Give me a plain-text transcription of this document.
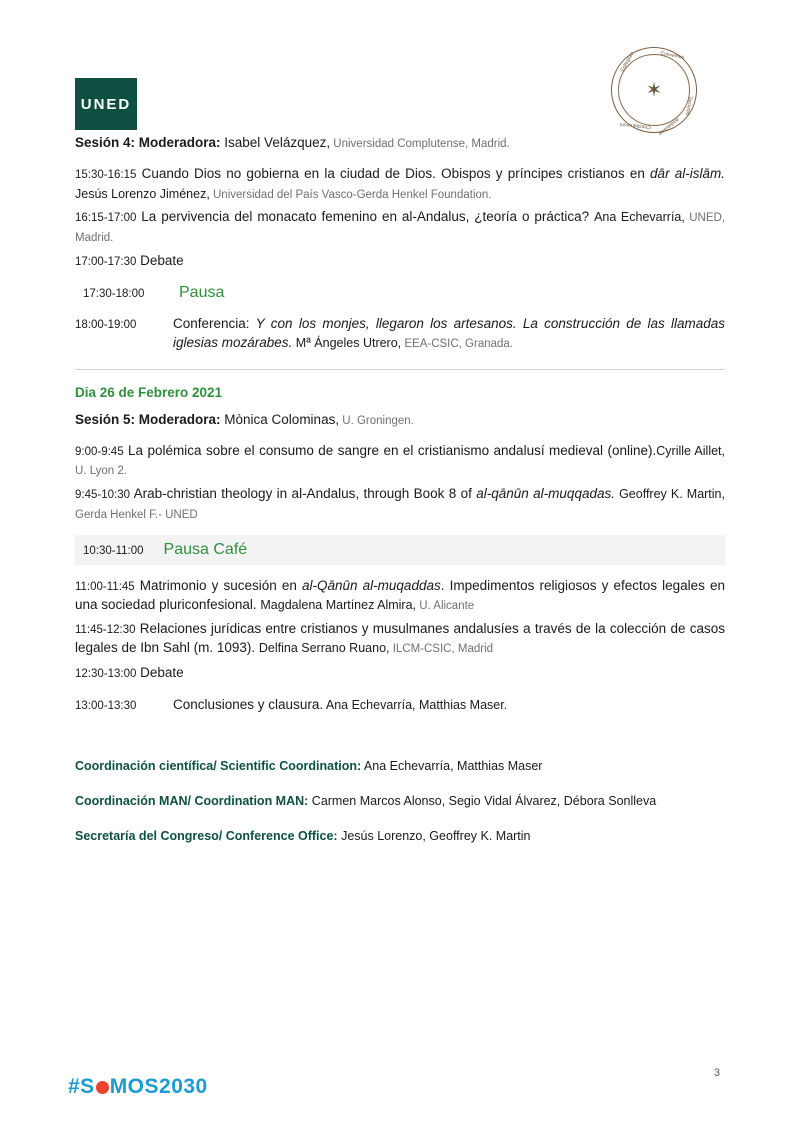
UNED
✶
Collegium	Conventus
Andalusiae
Christianorum
Societas

Sesión 4: Moderadora: Isabel Velázquez, Universidad Complutense, Madrid.

15:30-16:15 Cuando Dios no gobierna en la ciudad de Dios. Obispos y príncipes cristianos en dār al-islām. Jesús Lorenzo Jiménez, Universidad del País Vasco-Gerda Henkel Foundation.

16:15-17:00 La pervivencia del monacato femenino en al-Andalus, ¿teoría o práctica? Ana Echevarría, UNED, Madrid.

17:00-17:30 Debate

17:30-18:00	Pausa
18:00-19:00	Conferencia: Y con los monjes, llegaron los artesanos. La construcción de las llamadas iglesias mozárabes. Mª Ángeles Utrero, EEA-CSIC, Granada.

Dia 26 de Febrero 2021

Sesión 5: Moderadora: Mònica Colominas, U. Groningen.

9:00-9:45 La polémica sobre el consumo de sangre en el cristianismo andalusí medieval (online).Cyrille Aillet, U. Lyon 2.

9:45-10:30 Arab-christian theology in al-Andalus, through Book 8 of al-qānūn al-muqqadas. Geoffrey K. Martin, Gerda Henkel F.- UNED

10:30-11:00 Pausa Café

11:00-11:45 Matrimonio y sucesión en al-Qānūn al-muqaddas. Impedimentos religiosos y efectos legales en una sociedad pluriconfesional. Magdalena Martínez Almira, U. Alicante

11:45-12:30 Relaciones jurídicas entre cristianos y musulmanes andalusíes a través de la colección de casos legales de Ibn Sahl (m. 1093). Delfina Serrano Ruano, ILCM-CSIC, Madrid

12:30-13:00 Debate

13:00-13:30	Conclusiones y clausura. Ana Echevarría, Matthias Maser.

Coordinación científica/ Scientific Coordination: Ana Echevarría, Matthias Maser

Coordinación MAN/ Coordination MAN: Carmen Marcos Alonso, Segio Vidal Álvarez, Débora Sonlleva

Secretaría del Congreso/ Conference Office: Jesús Lorenzo, Geoffrey K. Martin

#S MOS2030
3
